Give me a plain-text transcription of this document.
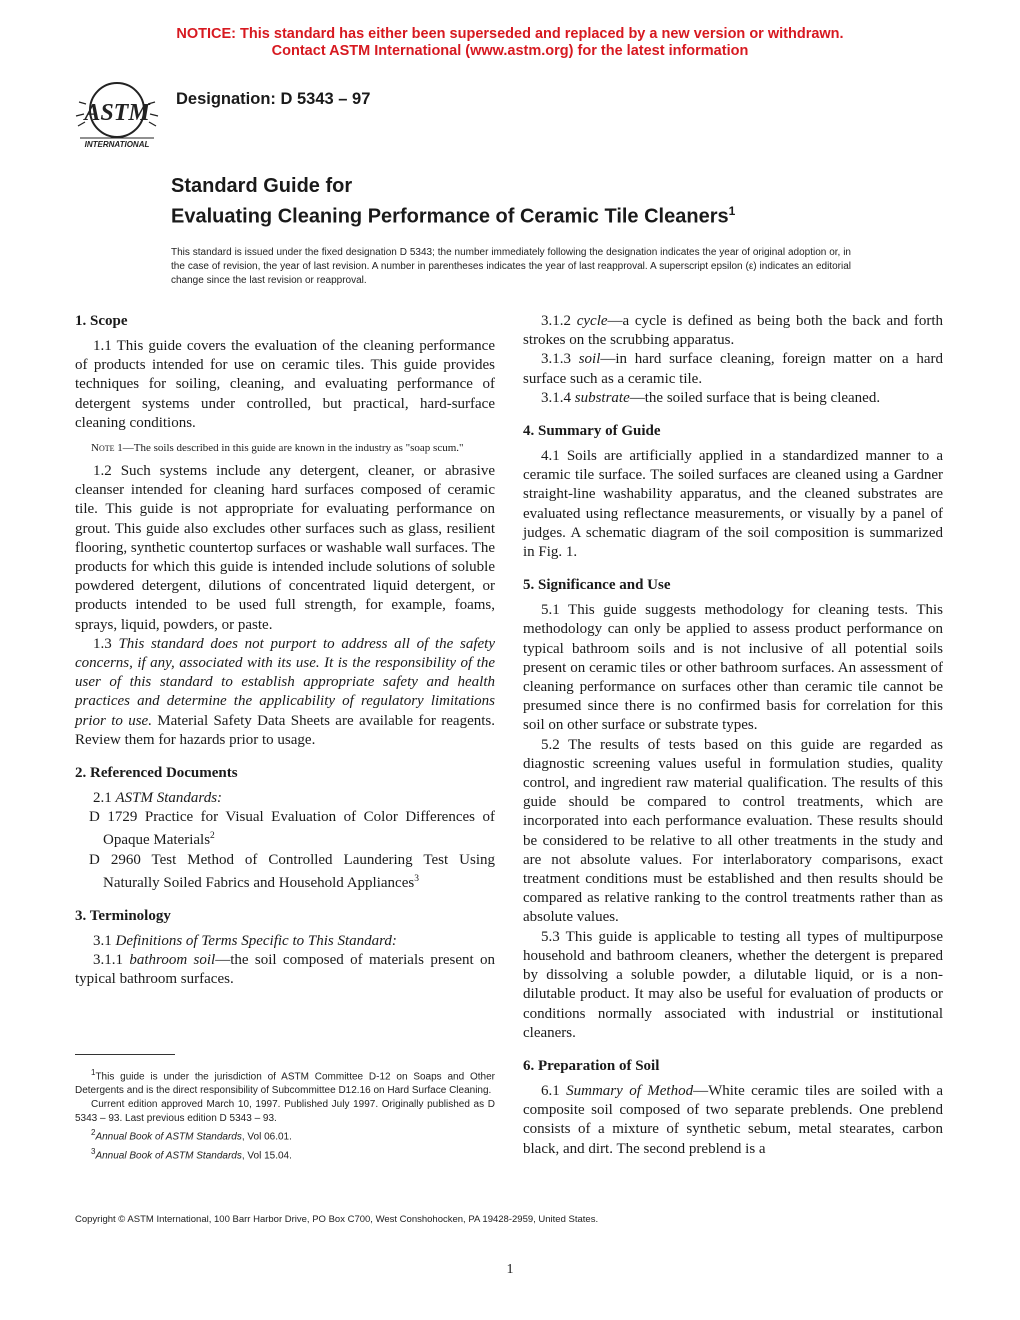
NOTICE: This standard has either been superseded and replaced by a new version or withdrawn.
Contact ASTM International (www.astm.org) for the latest information
ASTM
INTERNATIONAL
Designation: D 5343 – 97
Standard Guide for
Evaluating Cleaning Performance of Ceramic Tile Cleaners$^1$
This standard is issued under the fixed designation D 5343; the number immediately following the designation indicates the year of original adoption or, in the case of revision, the year of last revision. A number in parentheses indicates the year of last reapproval. A superscript epsilon (ε) indicates an editorial change since the last revision or reapproval.
1. Scope

1.1 This guide covers the evaluation of the cleaning performance of products intended for use on ceramic tiles. This guide provides techniques for soiling, cleaning, and evaluating performance of detergent systems under controlled, but practical, hard-surface cleaning conditions.

Note 1—The soils described in this guide are known in the industry as "soap scum."

1.2 Such systems include any detergent, cleaner, or abrasive cleanser intended for cleaning hard surfaces composed of ceramic tile. This guide is not appropriate for evaluating performance on grout. This guide also excludes other surfaces such as glass, resilient flooring, synthetic countertop surfaces or washable wall surfaces. The products for which this guide is intended include solutions of soluble powdered detergent, dilutions of concentrated liquid detergent, or products intended to be used full strength, for example, foams, sprays, liquid, powders, or paste.

1.3 This standard does not purport to address all of the safety concerns, if any, associated with its use. It is the responsibility of the user of this standard to establish appropriate safety and health practices and determine the applicability of regulatory limitations prior to use. Material Safety Data Sheets are available for reagents. Review them for hazards prior to usage.

2. Referenced Documents

2.1 ASTM Standards:

D 1729 Practice for Visual Evaluation of Color Differences of Opaque Materials$^2$

D 2960 Test Method of Controlled Laundering Test Using Naturally Soiled Fabrics and Household Appliances$^3$

3. Terminology

3.1 Definitions of Terms Specific to This Standard:

3.1.1 bathroom soil—the soil composed of materials present on typical bathroom surfaces.

3.1.2 cycle—a cycle is defined as being both the back and forth strokes on the scrubbing apparatus.

3.1.3 soil—in hard surface cleaning, foreign matter on a hard surface such as a ceramic tile.

3.1.4 substrate—the soiled surface that is being cleaned.

4. Summary of Guide

4.1 Soils are artificially applied in a standardized manner to a ceramic tile surface. The soiled surfaces are cleaned using a Gardner straight-line washability apparatus, and the cleaned substrates are evaluated using reflectance measurements, or visually by a panel of judges. A schematic diagram of the soil composition is summarized in Fig. 1.

5. Significance and Use

5.1 This guide suggests methodology for cleaning tests. This methodology can only be applied to assess product performance on typical bathroom soils and is not inclusive of all potential soils present on ceramic tiles or other bathroom surfaces. An assessment of cleaning performance on surfaces other than ceramic tile cannot be presumed since there is no confirmed basis for correlation for this soil on other surface or substrate types.

5.2 The results of tests based on this guide are regarded as diagnostic screening values useful in formulation studies, quality control, and ingredient raw material qualification. The results of this guide should be compared to control treatments, which are incorporated into each performance evaluation. These results should be considered to be relative to all other treatments in the study and are not absolute values. For interlaboratory comparisons, exact treatment conditions must be established and then results should be compared as relative ranking to the control treatments rather than as absolute values.

5.3 This guide is applicable to testing all types of multipurpose household and bathroom cleaners, whether the detergent is prepared by dissolving a soluble powder, a dilutable liquid, or is a non-dilutable product. It may also be useful for evaluation of products or conditions normally associated with industrial or institutional cleaners.

6. Preparation of Soil

6.1 Summary of Method—White ceramic tiles are soiled with a composite soil composed of two separate preblends. One preblend consists of a mixture of synthetic sebum, metal stearates, carbon black, and dirt. The second preblend is a

$^1$This guide is under the jurisdiction of ASTM Committee D-12 on Soaps and Other Detergents and is the direct responsibility of Subcommittee D12.16 on Hard Surface Cleaning.

Current edition approved March 10, 1997. Published July 1997. Originally published as D 5343 – 93. Last previous edition D 5343 – 93.

$^2$Annual Book of ASTM Standards, Vol 06.01.

$^3$Annual Book of ASTM Standards, Vol 15.04.

Copyright © ASTM International, 100 Barr Harbor Drive, PO Box C700, West Conshohocken, PA 19428-2959, United States.
1
